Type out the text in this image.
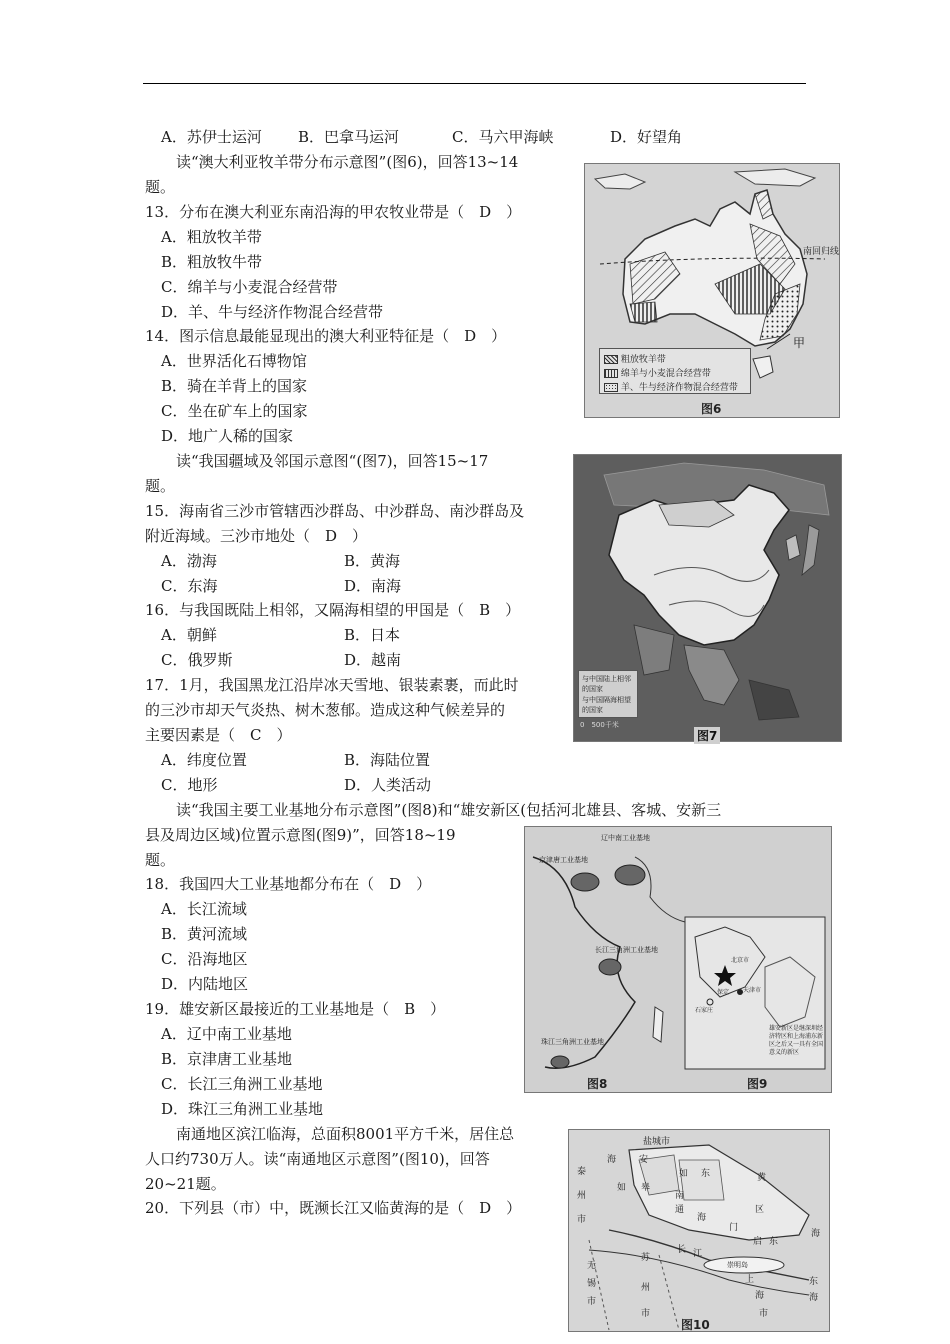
A．苏伊士运河 B．巴拿马运河	C．马六甲海峡	D．好望角
读“澳大利亚牧羊带分布示意图”(图6)，回答13~14
题。
13．分布在澳大利亚东南沿海的甲农牧业带是（　D　）
A．粗放牧羊带
B．粗放牧牛带
C．绵羊与小麦混合经营带
D．羊、牛与经济作物混合经营带
14．图示信息最能显现出的澳大利亚特征是（　D　）
A．世界活化石博物馆
B．骑在羊背上的国家
C．坐在矿车上的国家
D．地广人稀的国家
读“我国疆域及邻国示意图“(图7)，回答15~17
题。
15．海南省三沙市管辖西沙群岛、中沙群岛、南沙群岛及
附近海域。三沙市地处（　D　）
A．渤海	B．黄海
C．东海	D．南海
16．与我国既陆上相邻，又隔海相望的甲国是（　B　）
A．朝鲜	B．日本
C．俄罗斯	D．越南
17．1月，我国黑龙江沿岸冰天雪地、银装素裹，而此时
的三沙市却天气炎热、树木葱郁。造成这种气候差异的
主要因素是（　C　）
A．纬度位置	B．海陆位置
C．地形	D．人类活动
读“我国主要工业基地分布示意图”(图8)和“雄安新区(包括河北雄县、客城、安新三
县及周边区域)位置示意图(图9)”，回答18~19
题。
18．我国四大工业基地都分布在（　D　）
A．长江流域
B．黄河流域
C．沿海地区
D．内陆地区
19．雄安新区最接近的工业基地是（　B　）
A．辽中南工业基地
B．京津唐工业基地
C．长江三角洲工业基地
D．珠江三角洲工业基地
南通地区滨江临海，总面积8001平方千米，居住总
人口约730万人。读“南通地区示意图”(图10)，回答
20~21题。
20．下列县（市）中，既濒长江又临黄海的是（　D　）
南回归线
甲
粗放牧羊带
绵羊与小麦混合经营带
羊、牛与经济作物混合经营带
图6
与中国陆上相邻的国家
与中国隔海相望的国家
0　500千米
图7
辽中南工业基地
京津唐工业基地
长江三角洲工业基地
珠江三角洲工业基地
北京市
天津市
石家庄
保定
雄安新区是继深圳经济特区和上海浦东新区之后又一具有全国意义的新区
图8	图9
盐城市
泰
州
市
海	安
如 皋
如 东
南
通
海
门
启 东
无
锡
市
苏
州
市
上
海
市
黄
海
东
海
区
长 江
崇明岛
图10
